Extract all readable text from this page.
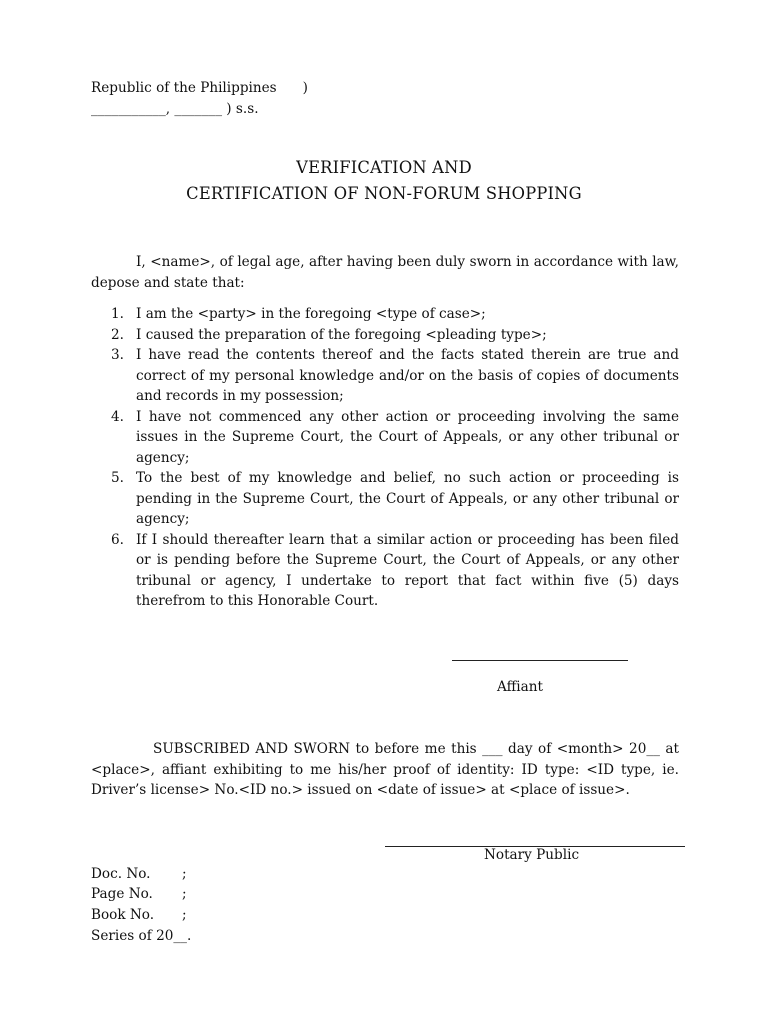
Republic of the Philippines )
___________, _______ ) s.s.
VERIFICATION AND
CERTIFICATION OF NON-FORUM SHOPPING
I, <name>, of legal age, after having been duly sworn in accordance with law, depose and state that:
1. I am the <party> in the foregoing <type of case>;
2. I caused the preparation of the foregoing <pleading type>;
3. I have read the contents thereof and the facts stated therein are true and correct of my personal knowledge and/or on the basis of copies of documents and records in my possession;
4. I have not commenced any other action or proceeding involving the same issues in the Supreme Court, the Court of Appeals, or any other tribunal or agency;
5. To the best of my knowledge and belief, no such action or proceeding is pending in the Supreme Court, the Court of Appeals, or any other tribunal or agency;
6. If I should thereafter learn that a similar action or proceeding has been filed or is pending before the Supreme Court, the Court of Appeals, or any other tribunal or agency, I undertake to report that fact within five (5) days therefrom to this Honorable Court.
Affiant
SUBSCRIBED AND SWORN to before me this ___ day of <month> 20__ at <place>, affiant exhibiting to me his/her proof of identity: ID type: <ID type, ie. Driver’s license> No.<ID no.> issued on <date of issue> at <place of issue>.
Notary Public
Doc. No. ;
Page No. ;
Book No. ;
Series of 20__.
